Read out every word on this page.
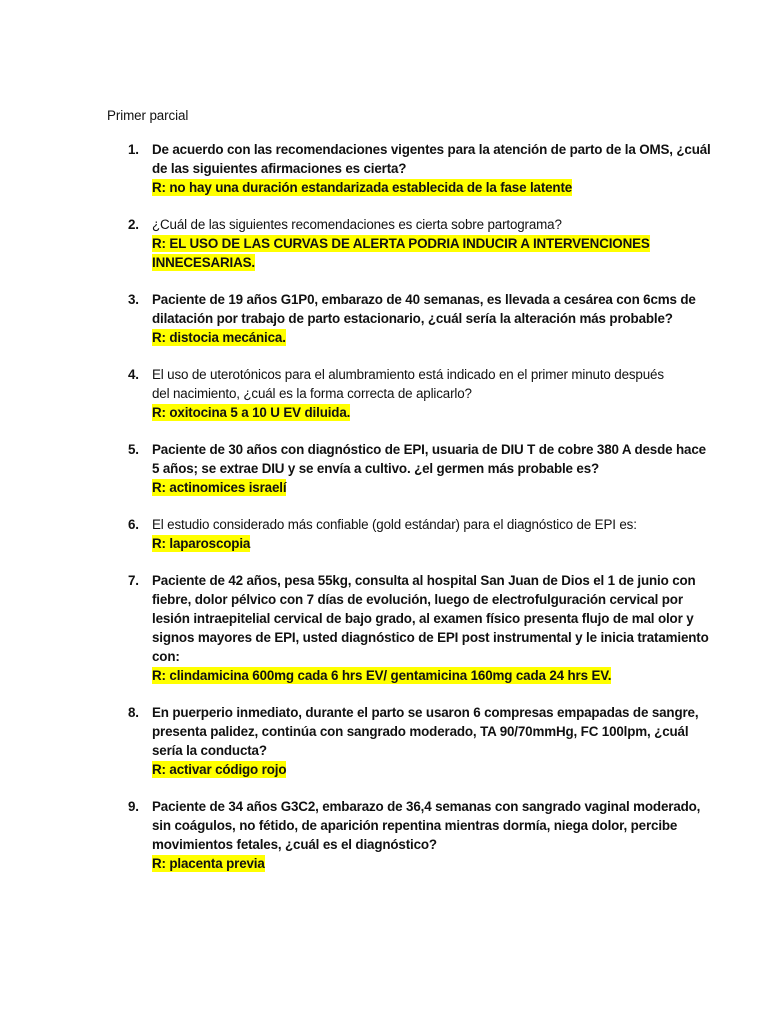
Primer parcial
1. De acuerdo con las recomendaciones vigentes para la atención de parto de la OMS, ¿cuál
de las siguientes afirmaciones es cierta?
R: no hay una duración estandarizada establecida de la fase latente
2. ¿Cuál de las siguientes recomendaciones es cierta sobre partograma?
R: EL USO DE LAS CURVAS DE ALERTA PODRIA INDUCIR A INTERVENCIONES
INNECESARIAS.
3. Paciente de 19 años G1P0, embarazo de 40 semanas, es llevada a cesárea con 6cms de
dilatación por trabajo de parto estacionario, ¿cuál sería la alteración más probable?
R: distocia mecánica.
4. El uso de uterotónicos para el alumbramiento está indicado en el primer minuto después
del nacimiento, ¿cuál es la forma correcta de aplicarlo?
R: oxitocina 5 a 10 U EV diluida.
5. Paciente de 30 años con diagnóstico de EPI, usuaria de DIU T de cobre 380 A desde hace
5 años; se extrae DIU y se envía a cultivo. ¿el germen más probable es?
R: actinomices israelí
6. El estudio considerado más confiable (gold estándar) para el diagnóstico de EPI es:
R: laparoscopia
7. Paciente de 42 años, pesa 55kg, consulta al hospital San Juan de Dios el 1 de junio con
fiebre, dolor pélvico con 7 días de evolución, luego de electrofulguración cervical por
lesión intraepitelial cervical de bajo grado, al examen físico presenta flujo de mal olor y
signos mayores de EPI, usted diagnóstico de EPI post instrumental y le inicia tratamiento
con:
R: clindamicina 600mg cada 6 hrs EV/ gentamicina 160mg cada 24 hrs EV.
8. En puerperio inmediato, durante el parto se usaron 6 compresas empapadas de sangre,
presenta palidez, continúa con sangrado moderado, TA 90/70mmHg, FC 100lpm, ¿cuál
sería la conducta?
R: activar código rojo
9. Paciente de 34 años G3C2, embarazo de 36,4 semanas con sangrado vaginal moderado,
sin coágulos, no fétido, de aparición repentina mientras dormía, niega dolor, percibe
movimientos fetales, ¿cuál es el diagnóstico?
R: placenta previa
